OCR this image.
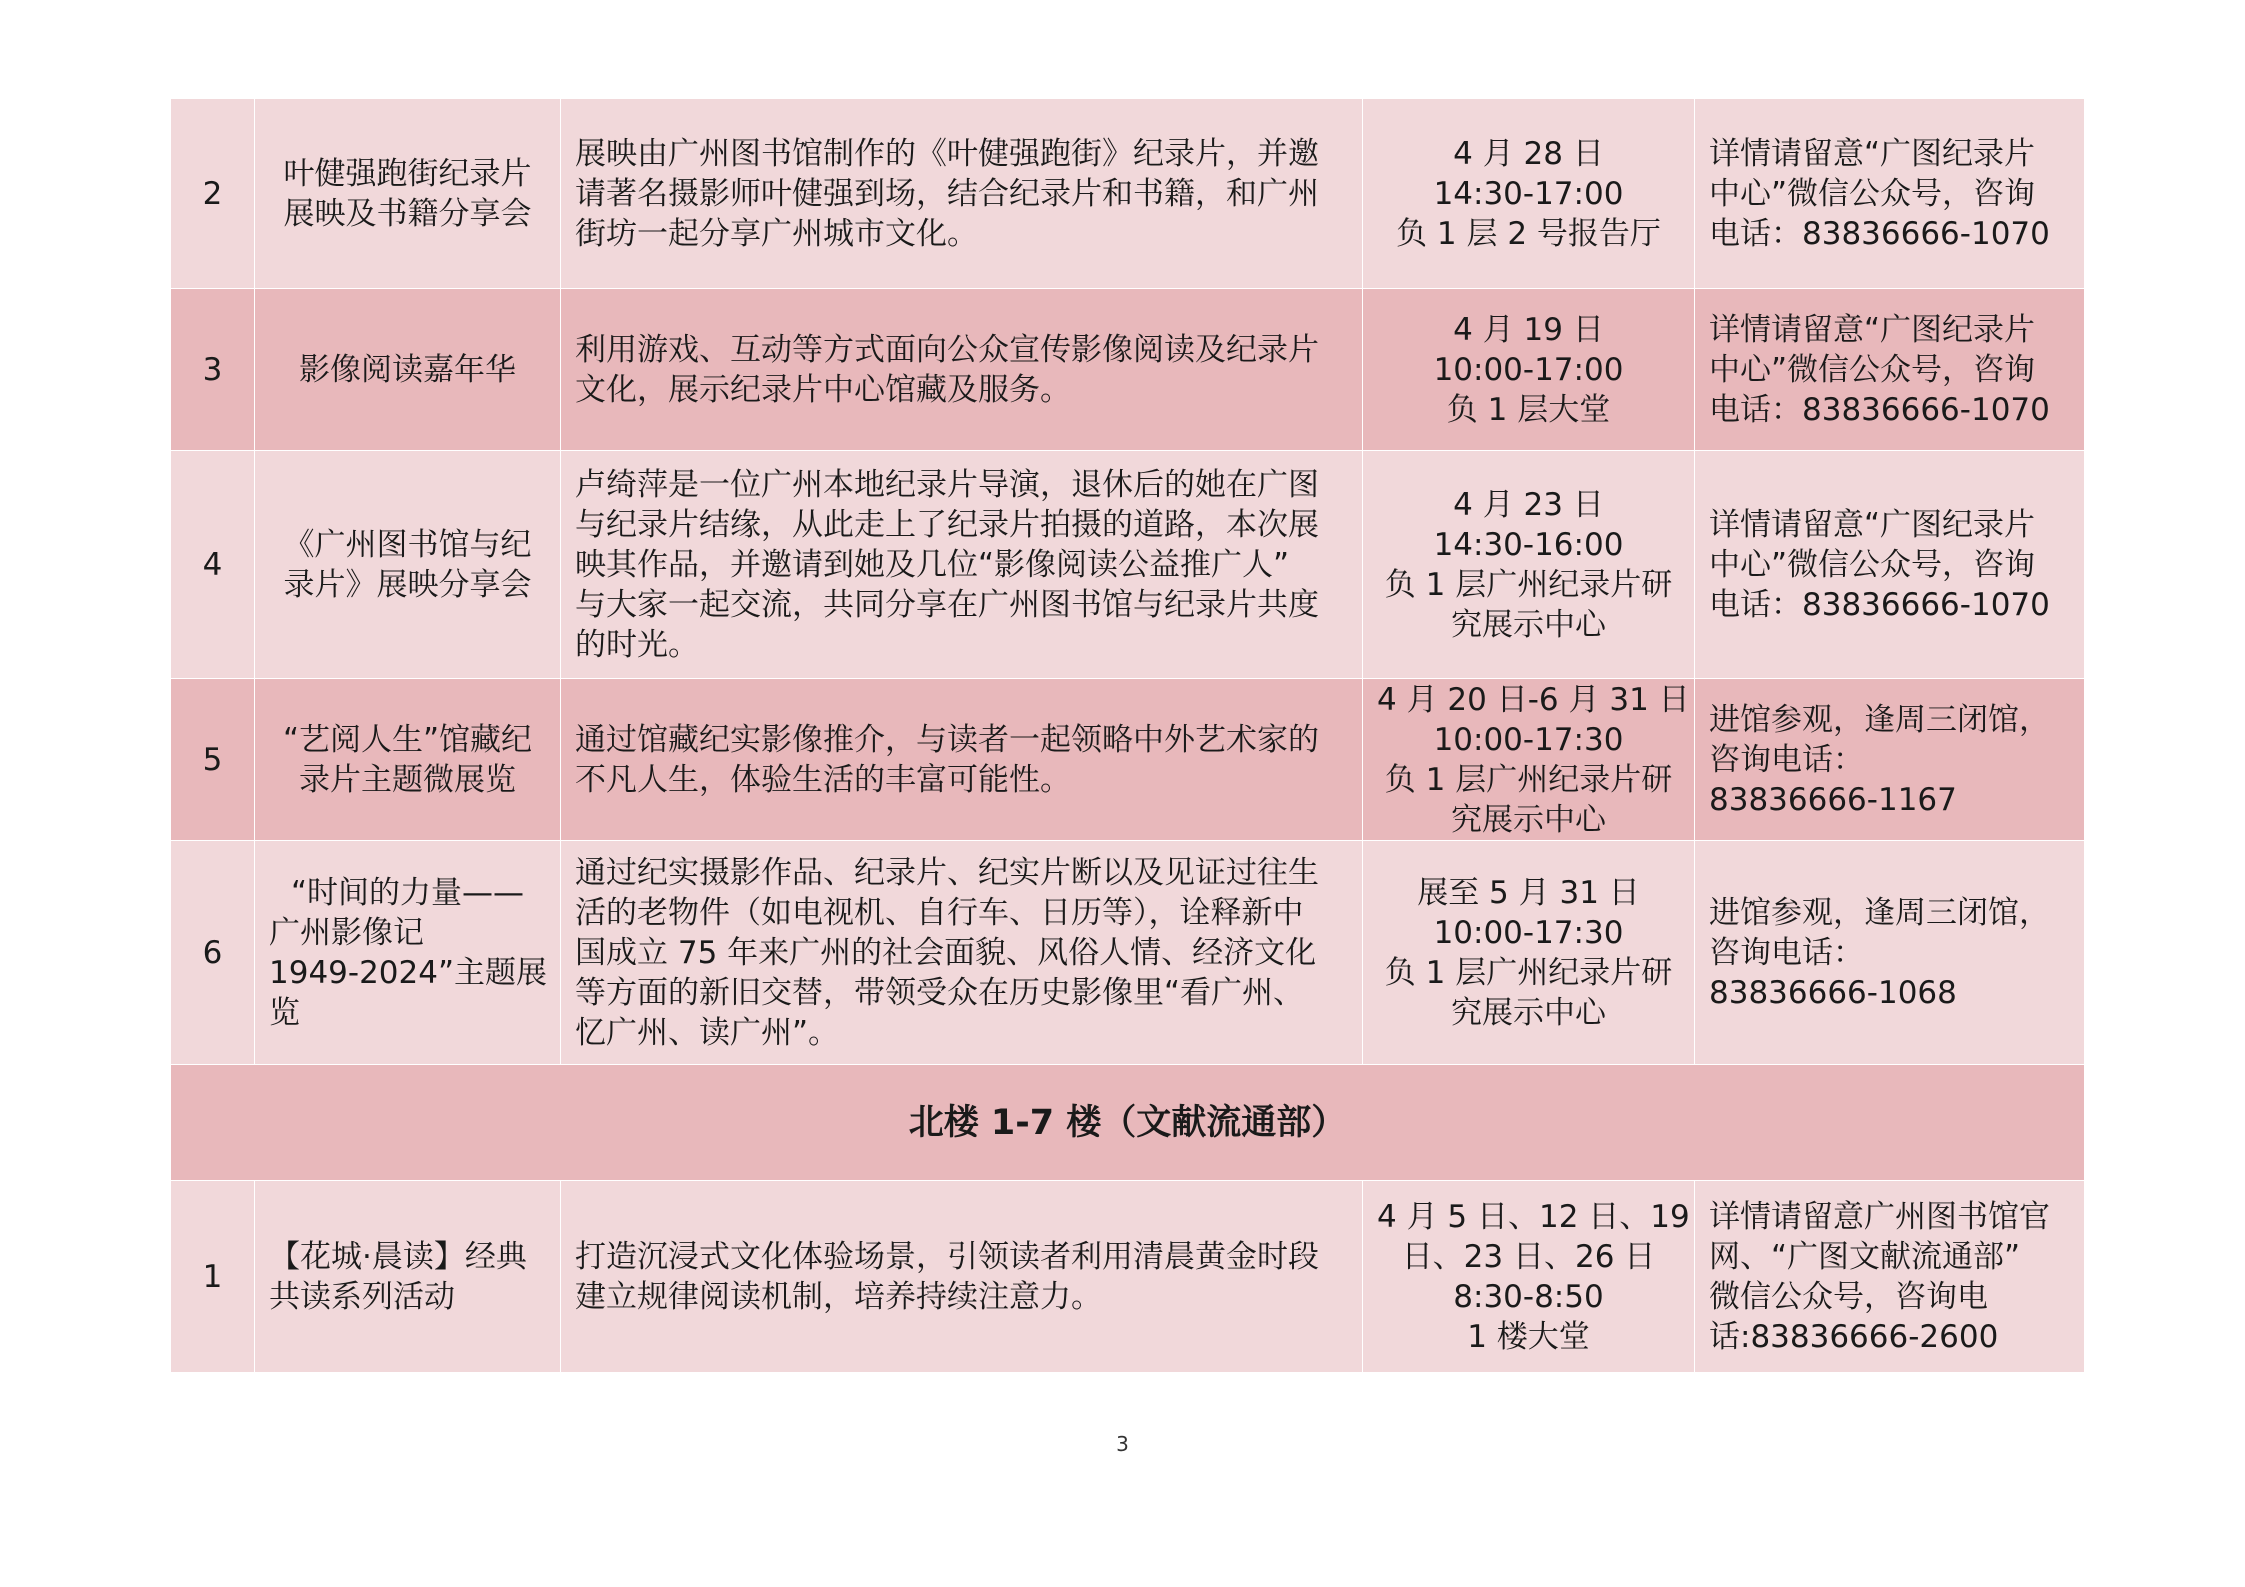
2	叶健强跑街纪录片
展映及书籍分享会	展映由广州图书馆制作的《叶健强跑街》纪录片，并邀
请著名摄影师叶健强到场，结合纪录片和书籍，和广州
街坊一起分享广州城市文化。	4 月 28 日
14:30-17:00
负 1 层 2 号报告厅	详情请留意“广图纪录片
中心”微信公众号，咨询
电话：83836666-1070

3	影像阅读嘉年华	利用游戏、互动等方式面向公众宣传影像阅读及纪录片
文化，展示纪录片中心馆藏及服务。	4 月 19 日
10:00-17:00
负 1 层大堂	详情请留意“广图纪录片
中心”微信公众号，咨询
电话：83836666-1070

4	《广州图书馆与纪
录片》展映分享会	卢绮萍是一位广州本地纪录片导演，退休后的她在广图
与纪录片结缘，从此走上了纪录片拍摄的道路，本次展
映其作品，并邀请到她及几位“影像阅读公益推广人”
与大家一起交流，共同分享在广州图书馆与纪录片共度
的时光。	4 月 23 日
14:30-16:00
负 1 层广州纪录片研
究展示中心	详情请留意“广图纪录片
中心”微信公众号，咨询
电话：83836666-1070

5	“艺阅人生”馆藏纪
录片主题微展览	通过馆藏纪实影像推介，与读者一起领略中外艺术家的
不凡人生，体验生活的丰富可能性。	4 月 20 日-6 月 31 日
10:00-17:30
负 1 层广州纪录片研
究展示中心	进馆参观，逢周三闭馆，
咨询电话：
83836666-1167

6	“时间的力量——
广州影像记
1949-2024”主题展
览	通过纪实摄影作品、纪录片、纪实片断以及见证过往生
活的老物件（如电视机、自行车、日历等），诠释新中
国成立 75 年来广州的社会面貌、风俗人情、经济文化
等方面的新旧交替，带领受众在历史影像里“看广州、
忆广州、读广州”。	展至 5 月 31 日
10:00-17:30
负 1 层广州纪录片研
究展示中心	进馆参观，逢周三闭馆，
咨询电话：
83836666-1068

北楼 1-7 楼（文献流通部）				
1	【花城·晨读】经典
共读系列活动	打造沉浸式文化体验场景，引领读者利用清晨黄金时段
建立规律阅读机制，培养持续注意力。	4 月 5 日、12 日、19
日、23 日、26 日
8:30-8:50
1 楼大堂	详情请留意广州图书馆官
网、“广图文献流通部”
微信公众号，咨询电
话:83836666-2600
3
